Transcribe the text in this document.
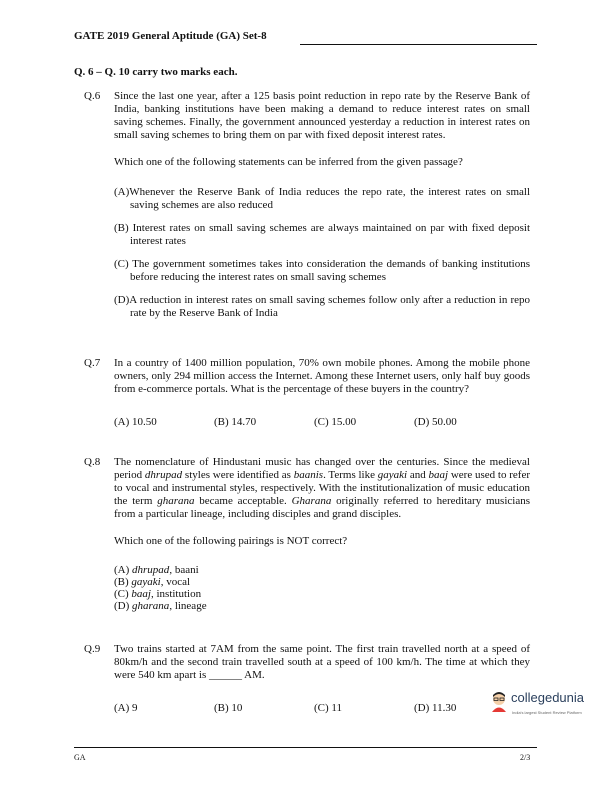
GATE 2019 General Aptitude (GA) Set-8
Q. 6 – Q. 10 carry two marks each.
Q.6 Since the last one year, after a 125 basis point reduction in repo rate by the Reserve Bank of India, banking institutions have been making a demand to reduce interest rates on small saving schemes. Finally, the government announced yesterday a reduction in interest rates on small saving schemes to bring them on par with fixed deposit interest rates.
Which one of the following statements can be inferred from the given passage?
(A)Whenever the Reserve Bank of India reduces the repo rate, the interest rates on small saving schemes are also reduced
(B) Interest rates on small saving schemes are always maintained on par with fixed deposit interest rates
(C) The government sometimes takes into consideration the demands of banking institutions before reducing the interest rates on small saving schemes
(D)A reduction in interest rates on small saving schemes follow only after a reduction in repo rate by the Reserve Bank of India
Q.7 In a country of 1400 million population, 70% own mobile phones. Among the mobile phone owners, only 294 million access the Internet. Among these Internet users, only half buy goods from e-commerce portals. What is the percentage of these buyers in the country?
(A) 10.50	(B) 14.70	(C) 15.00	(D) 50.00
Q.8 The nomenclature of Hindustani music has changed over the centuries. Since the medieval period dhrupad styles were identified as baanis. Terms like gayaki and baaj were used to refer to vocal and instrumental styles, respectively. With the institutionalization of music education the term gharana became acceptable. Gharana originally referred to hereditary musicians from a particular lineage, including disciples and grand disciples.
Which one of the following pairings is NOT correct?
(A) dhrupad, baani
(B) gayaki, vocal
(C) baaj, institution
(D) gharana, lineage
Q.9 Two trains started at 7AM from the same point. The first train travelled north at a speed of 80km/h and the second train travelled south at a speed of 100 km/h. The time at which they were 540 km apart is ______ AM.
(A) 9	(B) 10	(C) 11	(D) 11.30
collegedunia
India's largest Student Review Platform
GA	2/3
